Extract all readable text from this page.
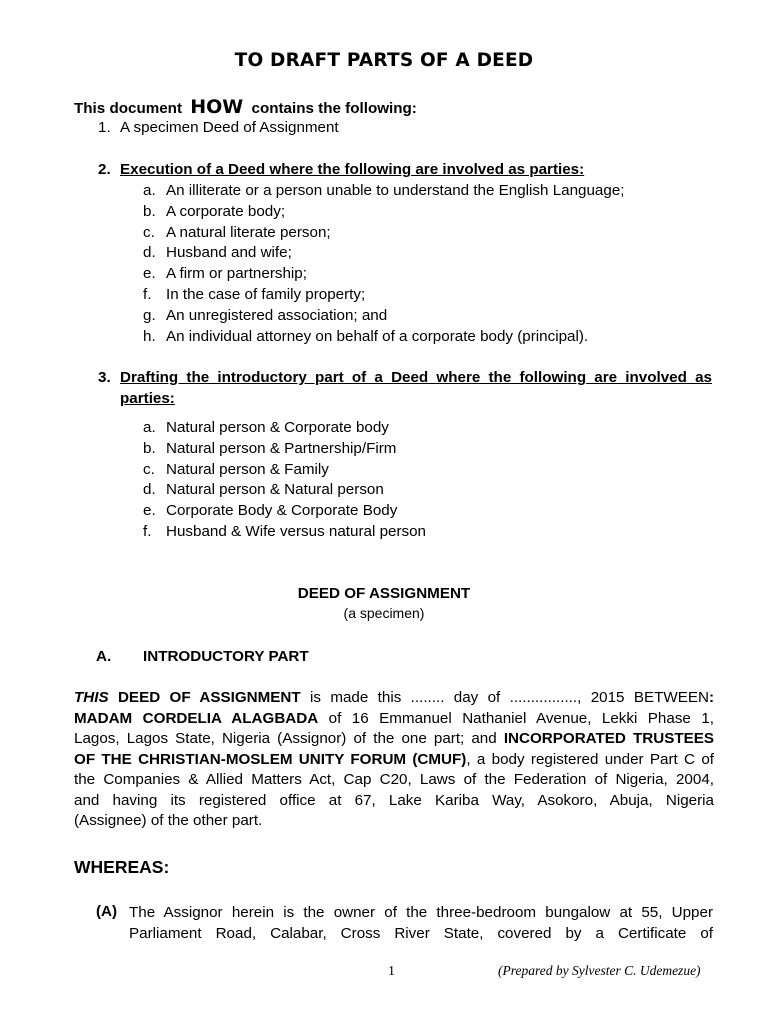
TO DRAFT PARTS OF A DEED
This document HOW contains the following:
1. A specimen Deed of Assignment
2. Execution of a Deed where the following are involved as parties:
a. An illiterate or a person unable to understand the English Language;
b. A corporate body;
c. A natural literate person;
d. Husband and wife;
e. A firm or partnership;
f. In the case of family property;
g. An unregistered association; and
h. An individual attorney on behalf of a corporate body (principal).
3. Drafting the introductory part of a Deed where the following are involved as
parties:
a. Natural person & Corporate body
b. Natural person & Partnership/Firm
c. Natural person & Family
d. Natural person & Natural person
e. Corporate Body & Corporate Body
f. Husband & Wife versus natural person
DEED OF ASSIGNMENT
(a specimen)
A. INTRODUCTORY PART
THIS DEED OF ASSIGNMENT is made this ........ day of ................, 2015 BETWEEN:
MADAM CORDELIA ALAGBADA of 16 Emmanuel Nathaniel Avenue, Lekki Phase 1,
Lagos, Lagos State, Nigeria (Assignor) of the one part; and INCORPORATED TRUSTEES
OF THE CHRISTIAN-MOSLEM UNITY FORUM (CMUF), a body registered under Part C of
the Companies & Allied Matters Act, Cap C20, Laws of the Federation of Nigeria, 2004,
and having its registered office at 67, Lake Kariba Way, Asokoro, Abuja, Nigeria
(Assignee) of the other part.
WHEREAS:
(A) The Assignor herein is the owner of the three-bedroom bungalow at 55, Upper
Parliament Road, Calabar, Cross River State, covered by a Certificate of
1	(Prepared by Sylvester C. Udemezue)
